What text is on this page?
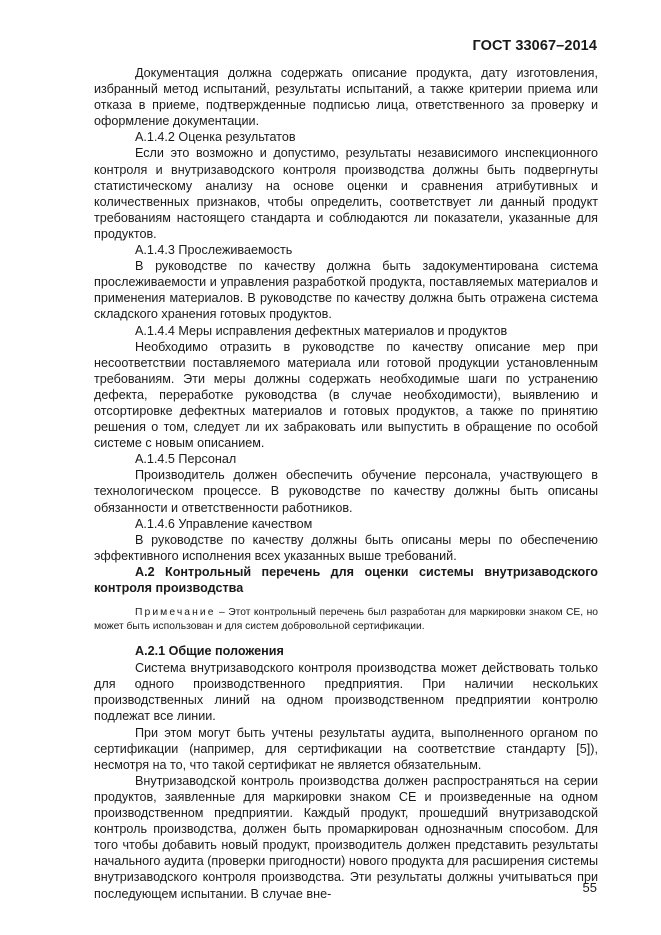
ГОСТ 33067–2014

Документация должна содержать описание продукта, дату изготовления, избранный метод испытаний, результаты испытаний, а также критерии приема или отказа в приеме, подтвержденные подписью лица, ответственного за проверку и оформление документации.

A.1.4.2 Оценка результатов

Если это возможно и допустимо, результаты независимого инспекционного контроля и внутризаводского контроля производства должны быть подвергнуты статистическому анализу на основе оценки и сравнения атрибутивных и количественных признаков, чтобы определить, соответствует ли данный продукт требованиям настоящего стандарта и соблюдаются ли показатели, указанные для продуктов.

A.1.4.3 Прослеживаемость

В руководстве по качеству должна быть задокументирована система прослеживаемости и управления разработкой продукта, поставляемых материалов и применения материалов. В руководстве по качеству должна быть отражена система складского хранения готовых продуктов.

A.1.4.4 Меры исправления дефектных материалов и продуктов

Необходимо отразить в руководстве по качеству описание мер при несоответствии поставляемого материала или готовой продукции установленным требованиям. Эти меры должны содержать необходимые шаги по устранению дефекта, переработке руководства (в случае необходимости), выявлению и отсортировке дефектных материалов и готовых продуктов, а также по принятию решения о том, следует ли их забраковать или выпустить в обращение по особой системе с новым описанием.

A.1.4.5 Персонал

Производитель должен обеспечить обучение персонала, участвующего в технологическом процессе. В руководстве по качеству должны быть описаны обязанности и ответственности работников.

A.1.4.6 Управление качеством

В руководстве по качеству должны быть описаны меры по обеспечению эффективного исполнения всех указанных выше требований.

A.2 Контрольный перечень для оценки системы внутризаводского контроля производства

Примечание – Этот контрольный перечень был разработан для маркировки знаком CE, но может быть использован и для систем добровольной сертификации.

A.2.1 Общие положения

Система внутризаводского контроля производства может действовать только для одного производственного предприятия. При наличии нескольких производственных линий на одном производственном предприятии контролю подлежат все линии.

При этом могут быть учтены результаты аудита, выполненного органом по сертификации (например, для сертификации на соответствие стандарту [5]), несмотря на то, что такой сертификат не является обязательным.

Внутризаводской контроль производства должен распространяться на серии продуктов, заявленные для маркировки знаком CE и произведенные на одном производственном предприятии. Каждый продукт, прошедший внутризаводской контроль производства, должен быть промаркирован однозначным способом. Для того чтобы добавить новый продукт, производитель должен представить результаты начального аудита (проверки пригодности) нового продукта для расширения системы внутризаводского контроля производства. Эти результаты должны учитываться при последующем испытании. В случае вне-	55
